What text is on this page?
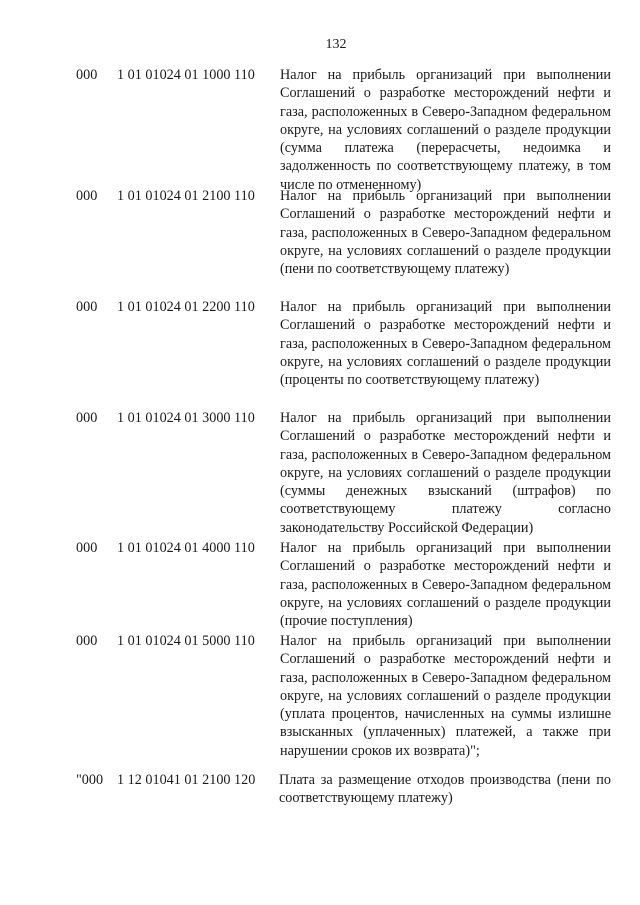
132
000	1 01 01024 01 1000 110	Налог на прибыль организаций при выполнении Соглашений о разработке месторождений нефти и газа, расположенных в Северо-Западном федеральном округе, на условиях соглашений о разделе продукции (сумма платежа (перерасчеты, недоимка и задолженность по соответствующему платежу, в том числе по отмененному)
000	1 01 01024 01 2100 110	Налог на прибыль организаций при выполнении Соглашений о разработке месторождений нефти и газа, расположенных в Северо-Западном федеральном округе, на условиях соглашений о разделе продукции (пени по соответствующему платежу)
000	1 01 01024 01 2200 110	Налог на прибыль организаций при выполнении Соглашений о разработке месторождений нефти и газа, расположенных в Северо-Западном федеральном округе, на условиях соглашений о разделе продукции (проценты по соответствующему платежу)
000	1 01 01024 01 3000 110	Налог на прибыль организаций при выполнении Соглашений о разработке месторождений нефти и газа, расположенных в Северо-Западном федеральном округе, на условиях соглашений о разделе продукции (суммы денежных взысканий (штрафов) по соответствующему платежу согласно законодательству Российской Федерации)
000	1 01 01024 01 4000 110	Налог на прибыль организаций при выполнении Соглашений о разработке месторождений нефти и газа, расположенных в Северо-Западном федеральном округе, на условиях соглашений о разделе продукции (прочие поступления)
000	1 01 01024 01 5000 110	Налог на прибыль организаций при выполнении Соглашений о разработке месторождений нефти и газа, расположенных в Северо-Западном федеральном округе, на условиях соглашений о разделе продукции (уплата процентов, начисленных на суммы излишне взысканных (уплаченных) платежей, а также при нарушении сроков их возврата)";
"000 1 12 01041 01 2100 120	Плата за размещение отходов производства (пени по соответствующему платежу)
